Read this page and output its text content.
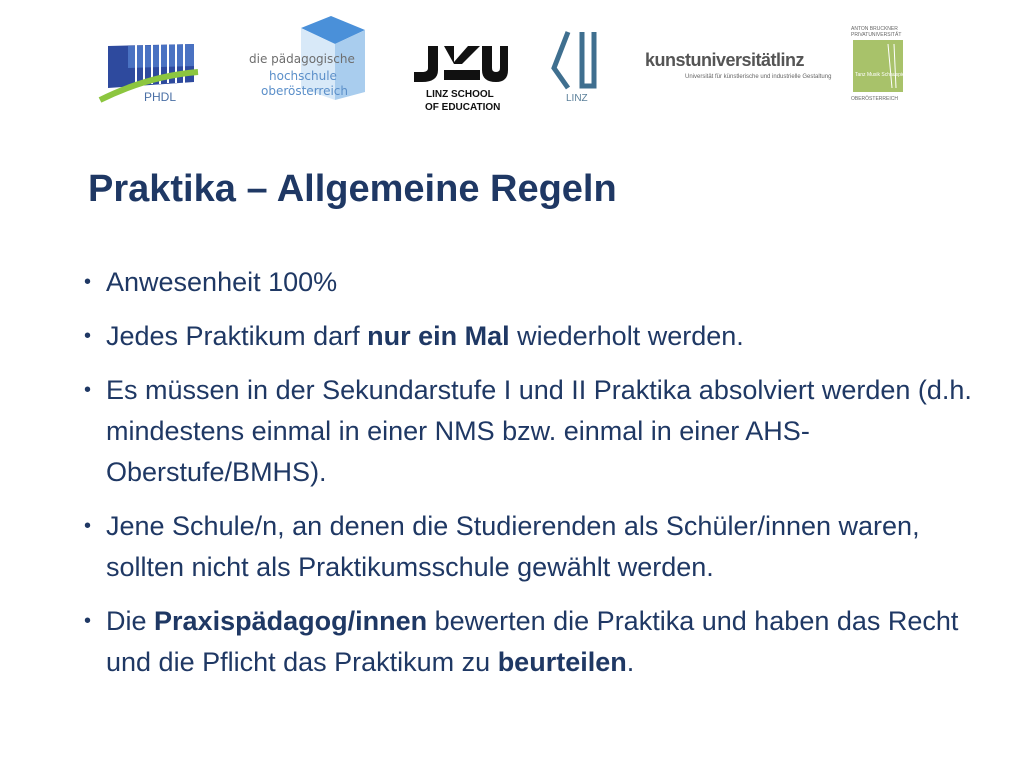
PHDL
die pädagogische
hochschule
oberösterreich	LINZ SCHOOL
OF EDUCATION
LINZ
kunstuniversitätlinz
Universität für künstlerische und industrielle Gestaltung
ANTON BRUCKNER
PRIVATUNIVERSITÄT
Tanz Musik Schauspiel
OBERÖSTERREICH
Praktika – Allgemeine Regeln
• Anwesenheit 100%
• Jedes Praktikum darf nur ein Mal wiederholt werden.
• Es müssen in der Sekundarstufe I und II Praktika absolviert werden (d.h. mindestens einmal in einer NMS bzw. einmal in einer AHS-Oberstufe/BMHS).
• Jene Schule/n, an denen die Studierenden als Schüler/innen waren, sollten nicht als Praktikumsschule gewählt werden.
• Die Praxispädagog/innen bewerten die Praktika und haben das Recht und die Pflicht das Praktikum zu beurteilen.
